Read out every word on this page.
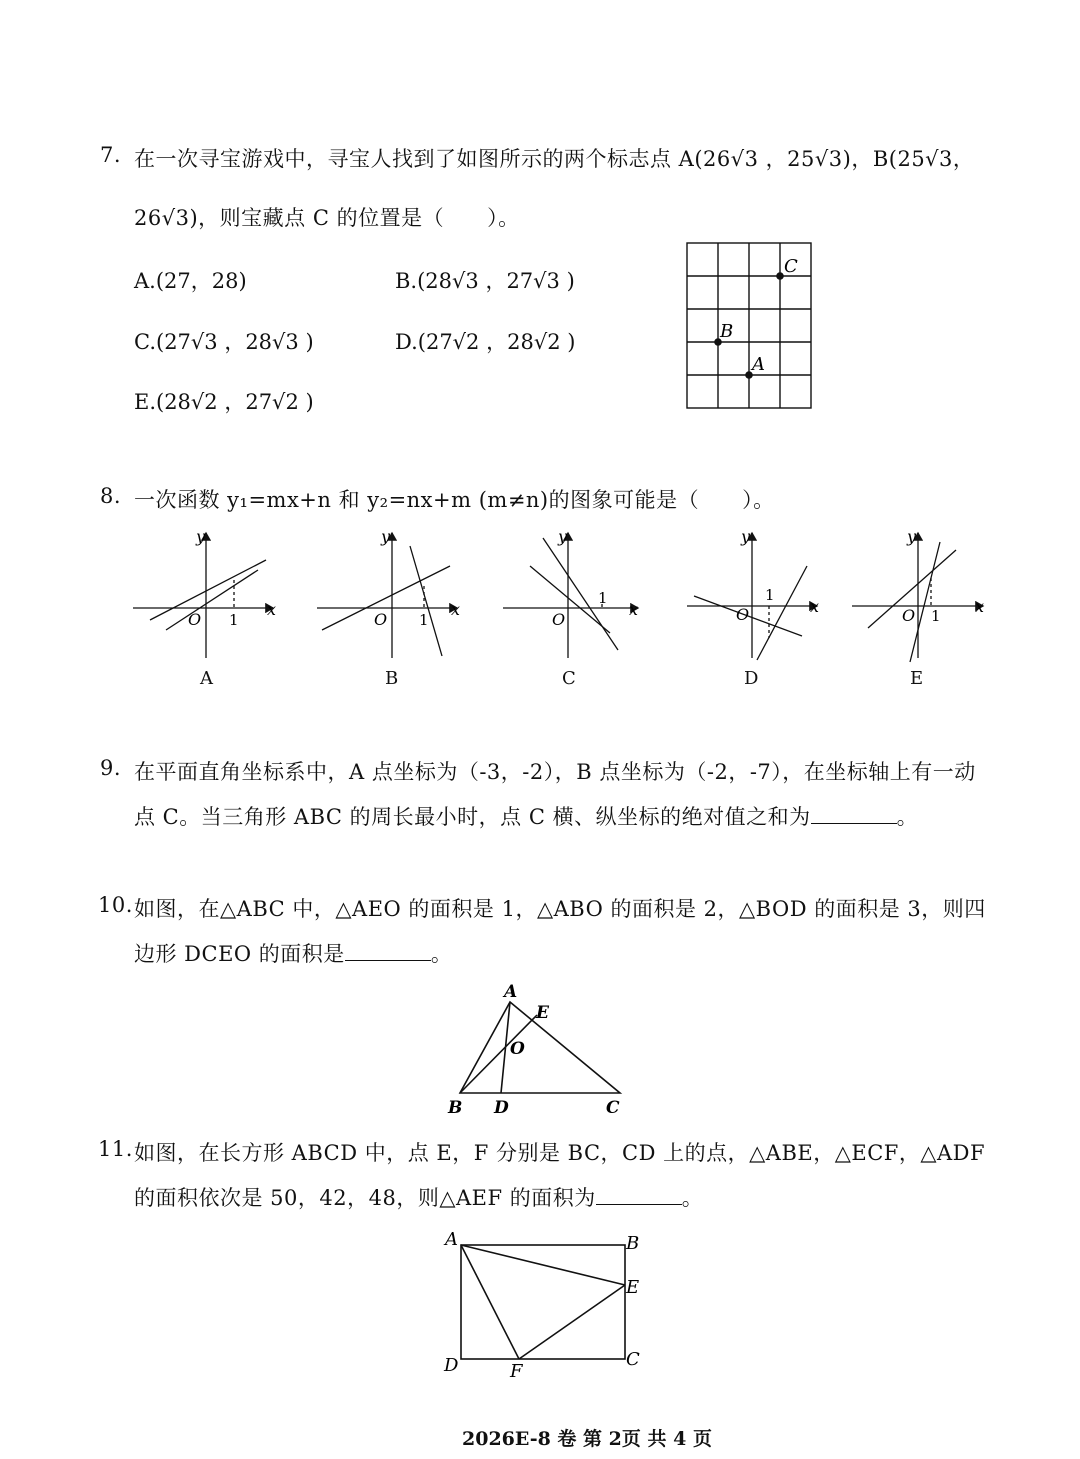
7. 在一次寻宝游戏中，寻宝人找到了如图所示的两个标志点 A(26√3 ，25√3)，B(25√3，
26√3)，则宝藏点 C 的位置是（　　）。
A.(27，28)	B.(28√3 ，27√3 )
C.(27√3 ，28√3 )	D.(27√2 ，28√2 )
E.(28√2 ，27√2 )
C
B
A
8. 一次函数 y₁=mx+n 和 y₂=nx+m (m≠n)的图象可能是（　　）。
O 1
x
y
A
O 1
x
y
B
O
1
x
y
C
O
1
x
y
D
O 1 x
y
E
9. 在平面直角坐标系中，A 点坐标为（-3，-2），B 点坐标为（-2，-7），在坐标轴上有一动
点 C。当三角形 ABC 的周长最小时，点 C 横、纵坐标的绝对值之和为	。
10. 如图，在△ABC 中，△AEO 的面积是 1，△ABO 的面积是 2，△BOD 的面积是 3，则四
边形 DCEO 的面积是	。
A
E
O
B D	C
11. 如图，在长方形 ABCD 中，点 E，F 分别是 BC，CD 上的点，△ABE，△ECF，△ADF
的面积依次是 50，42，48，则△AEF 的面积为	。
A	B
E
C
D	F
2026E-8 卷 第 2页 共 4 页
